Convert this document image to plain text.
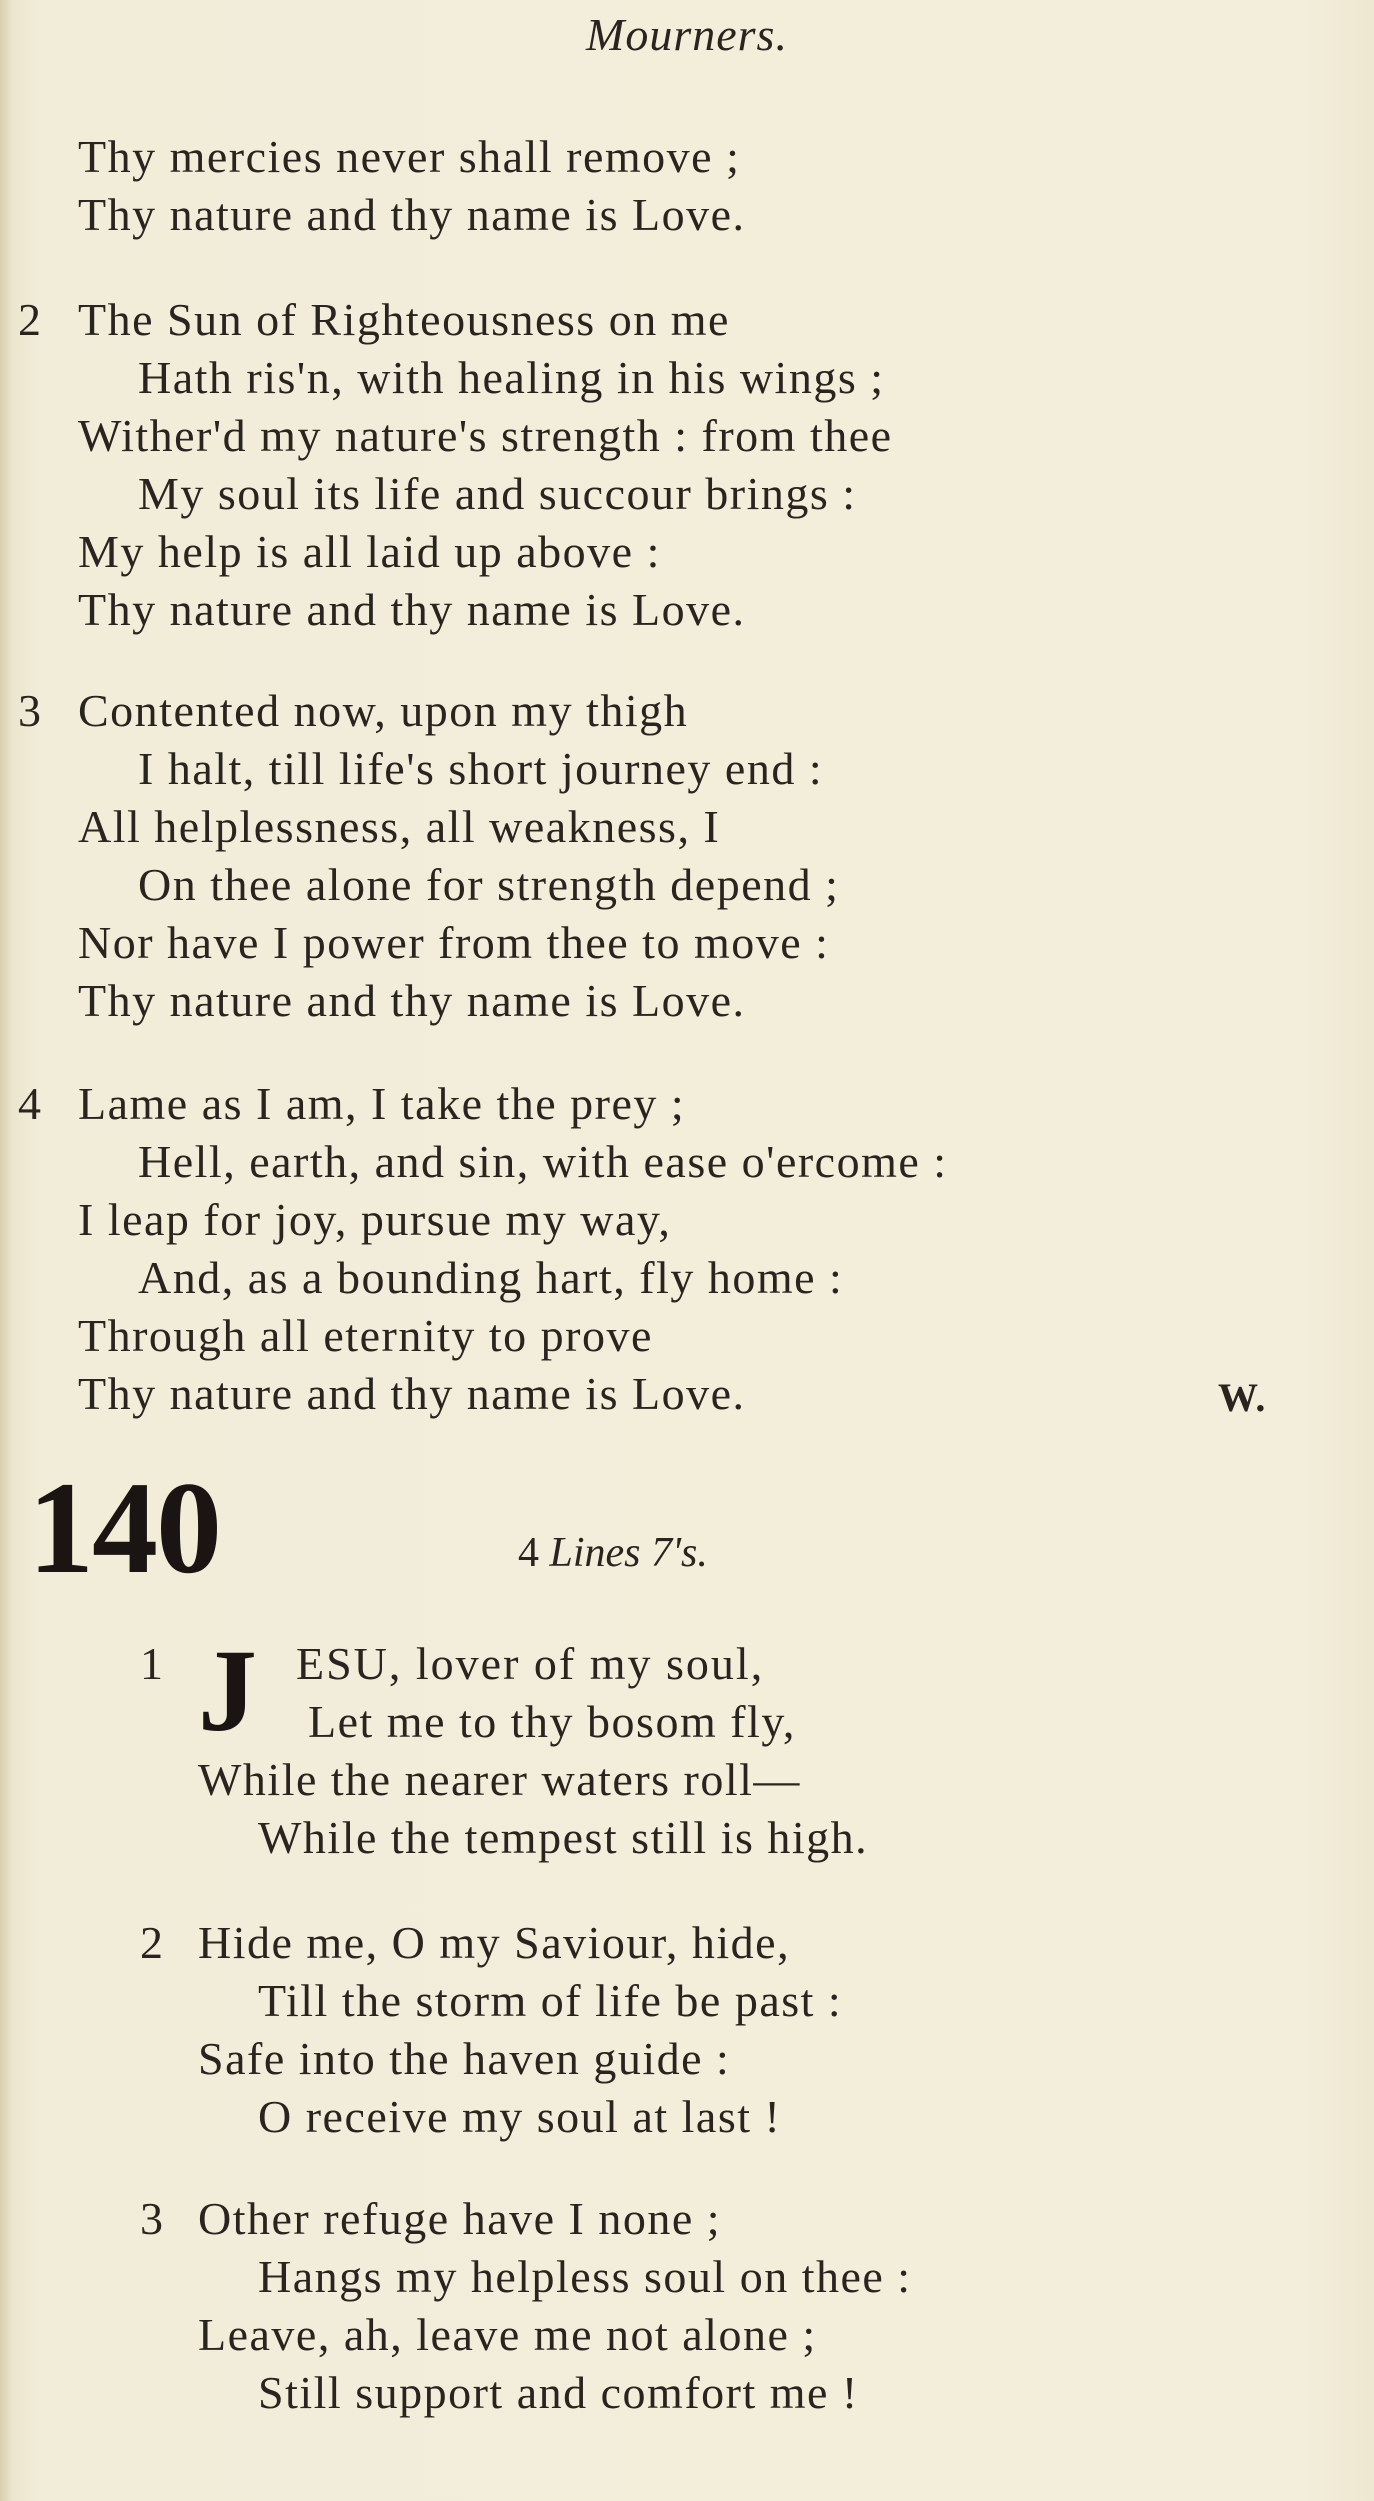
Mourners.
Thy mercies never shall remove ;
Thy nature and thy name is Love.
2 The Sun of Righteousness on me
Hath ris'n, with healing in his wings ;
Wither'd my nature's strength : from thee
My soul its life and succour brings :
My help is all laid up above :
Thy nature and thy name is Love.
3 Contented now, upon my thigh
I halt, till life's short journey end :
All helplessness, all weakness, I
On thee alone for strength depend ;
Nor have I power from thee to move :
Thy nature and thy name is Love.
4 Lame as I am, I take the prey ;
Hell, earth, and sin, with ease o'ercome :
I leap for joy, pursue my way,
And, as a bounding hart, fly home :
Through all eternity to prove
Thy nature and thy name is Love.	W.
140	4 Lines 7's.
1 J ESU, lover of my soul,
Let me to thy bosom fly,
While the nearer waters roll—
While the tempest still is high.
2 Hide me, O my Saviour, hide,
Till the storm of life be past :
Safe into the haven guide :
O receive my soul at last !
3 Other refuge have I none ;
Hangs my helpless soul on thee :
Leave, ah, leave me not alone ;
Still support and comfort me !
